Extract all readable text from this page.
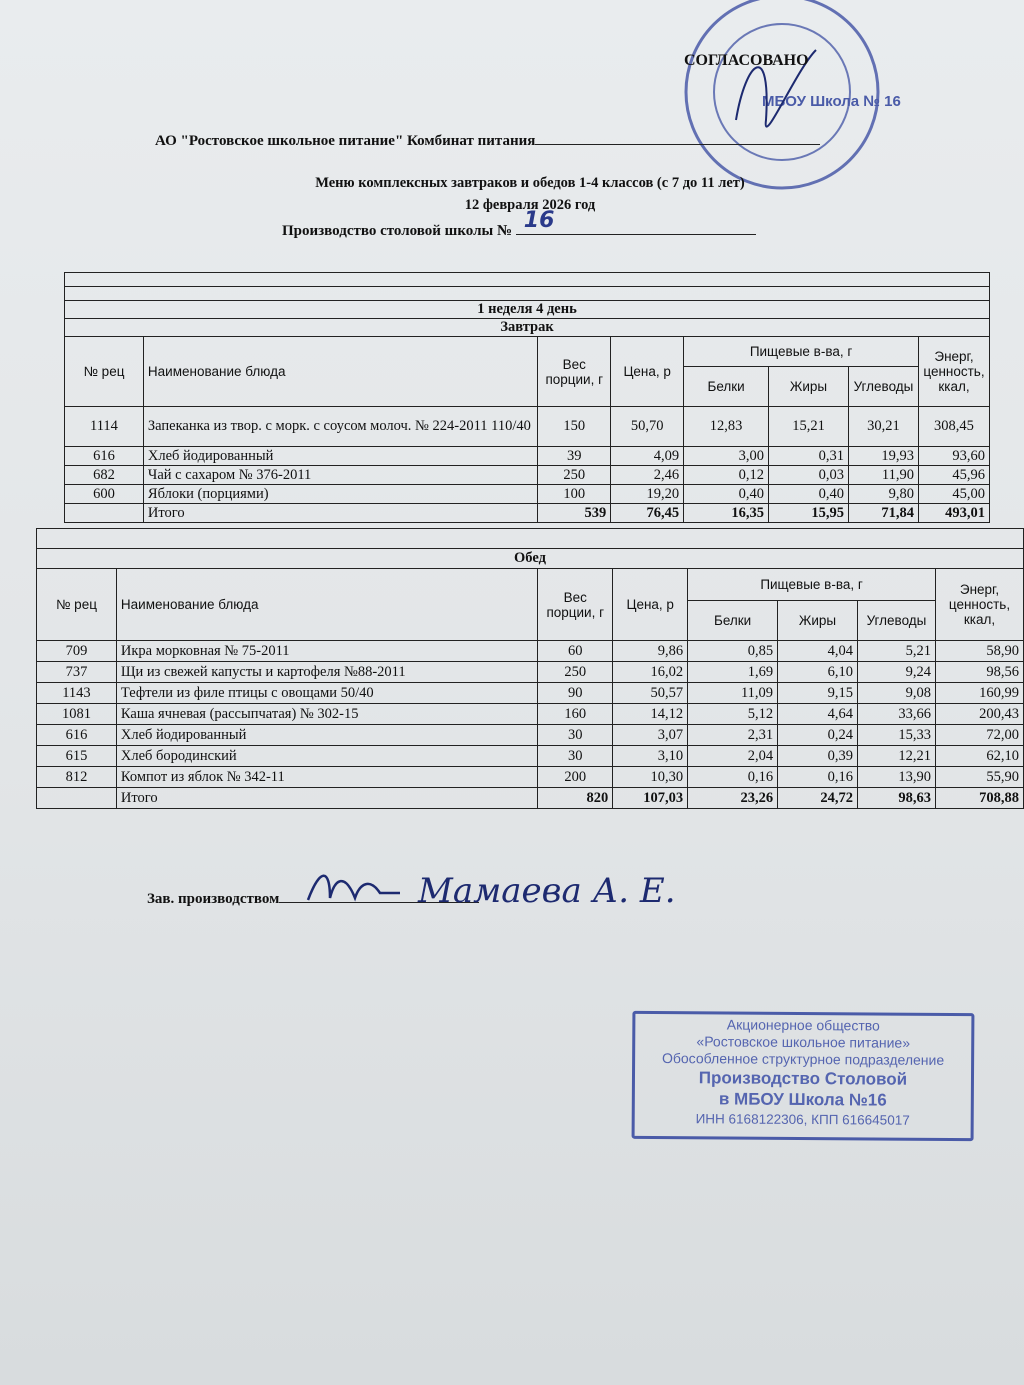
МБОУ Школа № 16
СОГЛАСОВАНО
АО "Ростовское школьное питание" Комбинат питания
Меню комплексных завтраков и обедов 1-4 классов (с 7 до 11 лет)
12 февраля 2026 год
Производство столовой школы № 16

1 неделя 4 день							
Завтрак							
№ рец	Наименование блюда	Вес порции, г	Цена, р	Пищевые в-ва, г			Энерг, ценность, ккал,
				Белки	Жиры	Углеводы	
1114	Запеканка из твор. с морк. с соусом молоч. № 224-2011 110/40	150	50,70	12,83	15,21	30,21	308,45
616	Хлеб йодированный	39	4,09	3,00	0,31	19,93	93,60
682	Чай с сахаром № 376-2011	250	2,46	0,12	0,03	11,90	45,96
600	Яблоки (порциями)	100	19,20	0,40	0,40	9,80	45,00
	Итого	539	76,45	16,35	15,95	71,84	493,01

Обед							
№ рец	Наименование блюда	Вес порции, г	Цена, р	Пищевые в-ва, г			Энерг, ценность, ккал,
				Белки	Жиры	Углеводы	
709	Икра морковная № 75-2011	60	9,86	0,85	4,04	5,21	58,90
737	Щи из свежей капусты и картофеля №88-2011	250	16,02	1,69	6,10	9,24	98,56
1143	Тефтели из филе птицы с овощами 50/40	90	50,57	11,09	9,15	9,08	160,99
1081	Каша ячневая (рассыпчатая) № 302-15	160	14,12	5,12	4,64	33,66	200,43
616	Хлеб йодированный	30	3,07	2,31	0,24	15,33	72,00
615	Хлеб бородинский	30	3,10	2,04	0,39	12,21	62,10
812	Компот из яблок № 342-11	200	10,30	0,16	0,16	13,90	55,90
	Итого	820	107,03	23,26	24,72	98,63	708,88
Зав. производством	Мамаева А. Е.
Акционерное общество
«Ростовское школьное питание»
Обособленное структурное подразделение
Производство Столовой
в МБОУ Школа №16
ИНН 6168122306, КПП 616645017
